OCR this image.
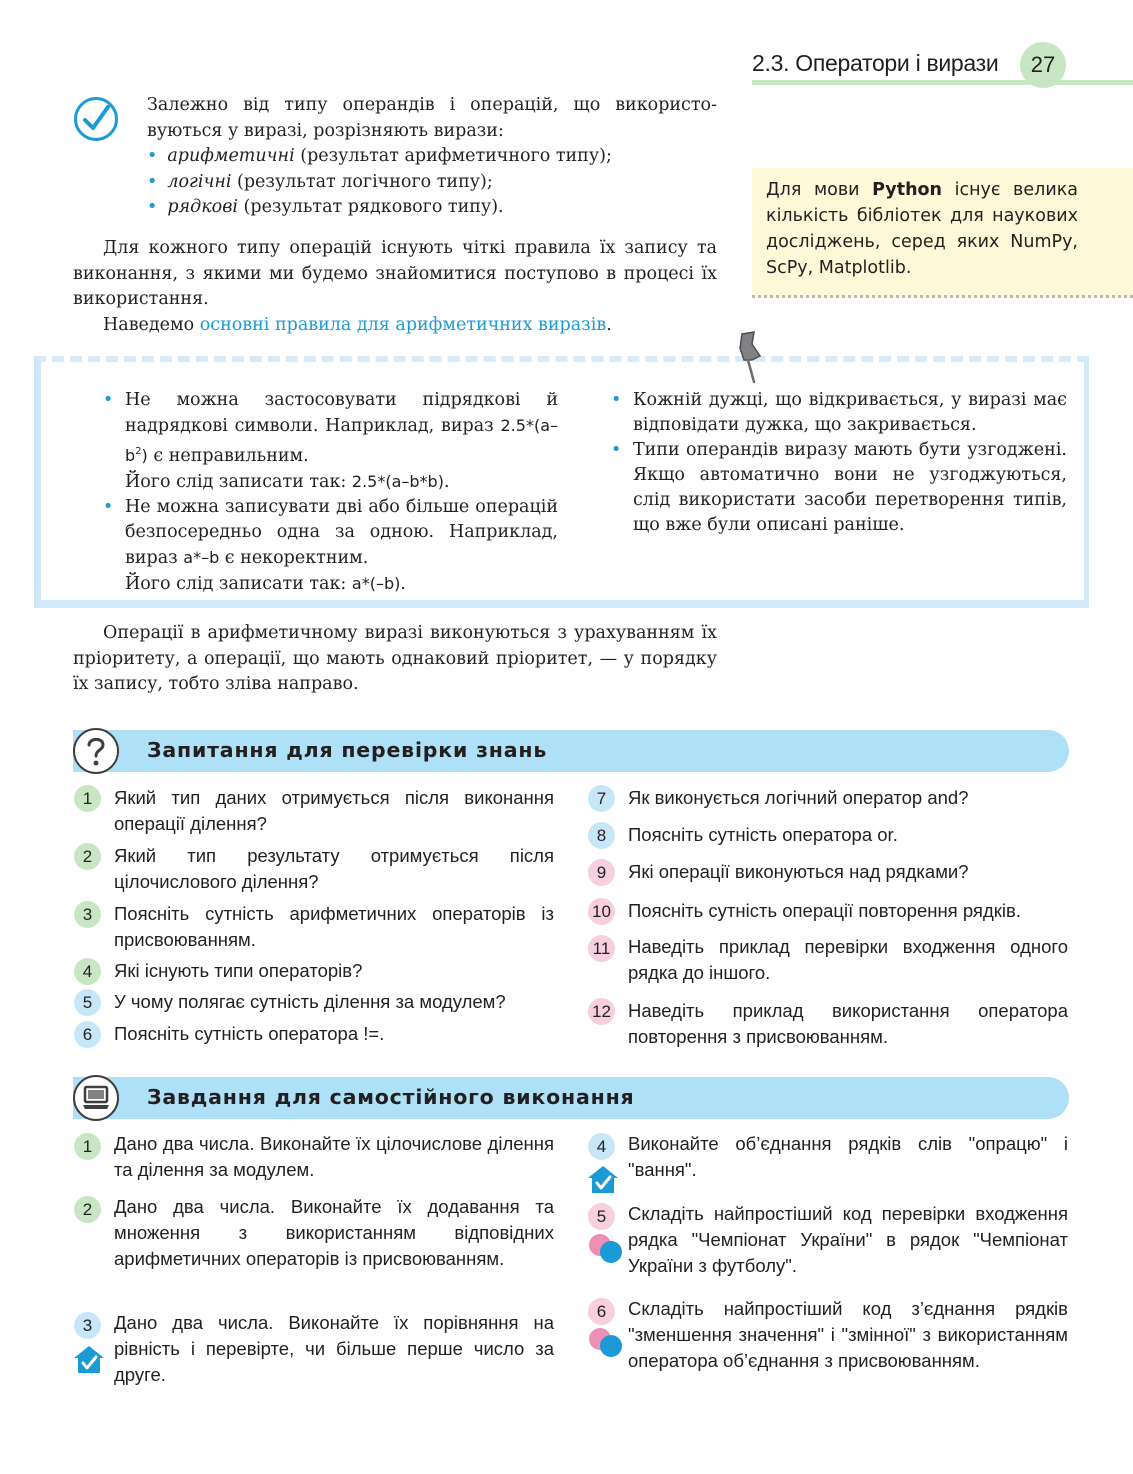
2.3. Оператори і вирази	27
Залежно від типу операндів і операцій, що використо-
вуються у виразі, розрізняють вирази:
• арифметичні (результат арифметичного типу);
• логічні (результат логічного типу);
• рядкові (результат рядкового типу).
Для кожного типу операцій існують чіткі правила їх запису та виконання, з якими ми будемо знайомитися поступово в процесі їх використання.
Наведемо основні правила для арифметичних виразів.
Для мови Python існує велика кількість бібліотек для наукових досліджень, серед яких NumPy, ScPy, Matplotlib.
• Не можна застосовувати підрядкові й надрядкові символи. Наприклад, вираз $2.5*(a-b^2)$ є неправильним.
Його слід записати так: 2.5*(a–b*b).
• Не можна записувати дві або більше операцій безпосередньо одна за одною. Наприклад, вираз a*–b є некоректним.
Його слід записати так: a*(–b).
• Кожній дужці, що відкривається, у виразі має відповідати дужка, що закривається.
• Типи операндів виразу мають бути узгоджені. Якщо автоматично вони не узгоджуються, слід використати засоби перетворення типів, що вже були описані раніше.
Операції в арифметичному виразі виконуються з урахуванням їх пріоритету, а операції, що мають однаковий пріоритет, — у порядку їх запису, тобто зліва направо.
Запитання для перевірки знань
1	Який тип даних отримується після виконання операції ділення?
2	Який тип результату отримується після цілочислового ділення?
3	Поясніть сутність арифметичних операторів із присвоюванням.
4	Які існують типи операторів?
5	У чому полягає сутність ділення за модулем?
6	Поясніть сутність оператора !=.
7	Як виконується логічний оператор and?
8	Поясніть сутність оператора or.
9	Які операції виконуються над рядками?
10 Поясніть сутність операції повторення рядків.
11 Наведіть приклад перевірки входження одного рядка до іншого.
12 Наведіть приклад використання оператора повторення з присвоюванням.
Завдання для самостійного виконання
1	Дано два числа. Виконайте їх цілочислове ділення та ділення за модулем.
2	Дано два числа. Виконайте їх додавання та множення з використанням відповідних арифметичних операторів із присвоюванням.
3	Дано два числа. Виконайте їх порівняння на рівність і перевірте, чи більше перше число за друге.
4	Виконайте об’єднання рядків слів "опрацю" і "вання".
5	Складіть найпростіший код перевірки входження рядка "Чемпіонат України" в рядок "Чемпіонат України з футболу".
6	Складіть найпростіший код з’єднання рядків "зменшення значення" і "змінної" з використанням оператора об’єднання з присвоюванням.
